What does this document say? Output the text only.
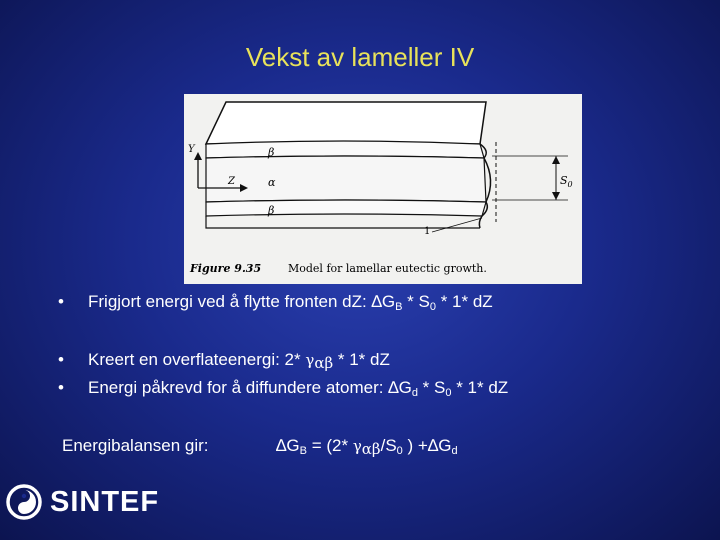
Vekst av lameller IV
Y
Z
β
α
β
$S_0$
1
Figure 9.35 Model for lamellar eutectic growth.
• Frigjort energi ved å flytte fronten dZ: $\Delta G_B * S_0 * 1*$ dZ
• Kreert en overflateenergi: 2* $\gamma_{\alpha\beta} * 1*$ dZ
• Energi påkrevd for å diffundere atomer: $\Delta G_d * S_0 * 1*$ dZ
Energibalansen gir:	$\Delta G_B = (2*$ $\gamma_{\alpha\beta}/S_0$ ) $+\Delta G_d$
SINTEF
